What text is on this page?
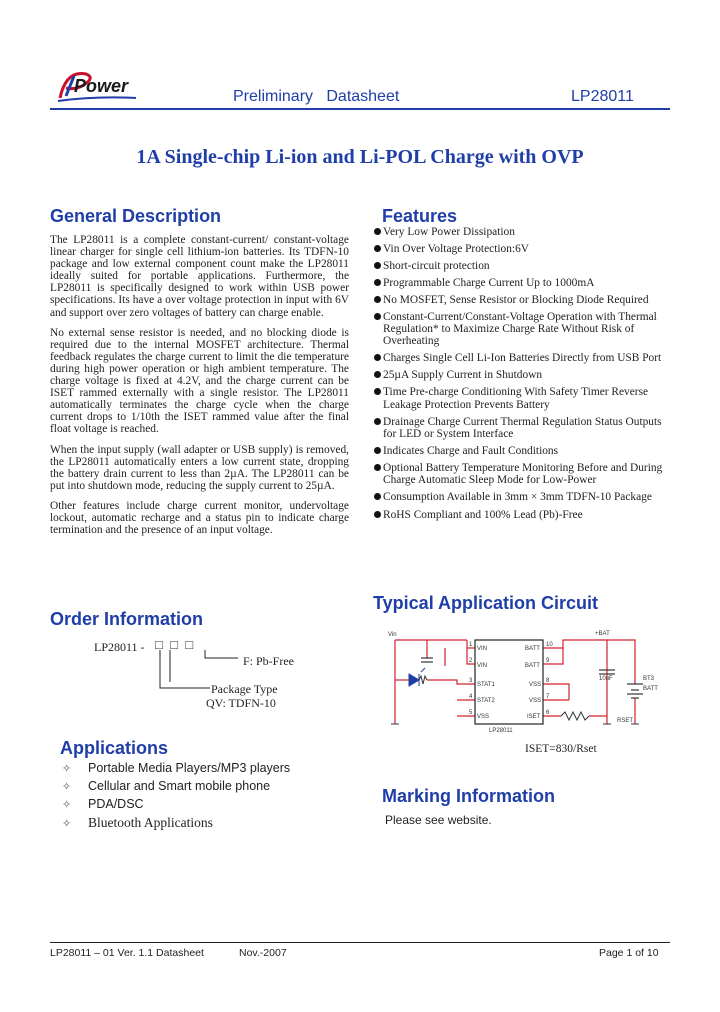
Power
Preliminary Datasheet	LP28011
1A Single-chip Li-ion and Li-POL Charge with OVP
General Description

The LP28011 is a complete constant-current/ constant-voltage linear charger for single cell lithium-ion batteries. Its TDFN-10 package and low external component count make the LP28011 ideally suited for portable applications. Furthermore, the LP28011 is specifically designed to work within USB power specifications. Its have a over voltage protection in input with 6V and support over zero voltages of battery can charge enable.

No external sense resistor is needed, and no blocking diode is required due to the internal MOSFET architecture. Thermal feedback regulates the charge current to limit the die temperature during high power operation or high ambient temperature. The charge voltage is fixed at 4.2V, and the charge current can be ISET rammed externally with a single resistor. The LP28011 automatically terminates the charge cycle when the charge current drops to 1/10th the ISET rammed value after the final float voltage is reached.

When the input supply (wall adapter or USB supply) is removed, the LP28011 automatically enters a low current state, dropping the battery drain current to less than 2µA. The LP28011 can be put into shutdown mode, reducing the supply current to 25µA.

Other features include charge current monitor, undervoltage lockout, automatic recharge and a status pin to indicate charge termination and the presence of an input voltage.

Features
Very Low Power Dissipation
Vin Over Voltage Protection:6V
Short-circuit protection
Programmable Charge Current Up to 1000mA
No MOSFET, Sense Resistor or Blocking Diode Required
Constant-Current/Constant-Voltage Operation with Thermal Regulation* to Maximize Charge Rate Without Risk of Overheating
Charges Single Cell Li-Ion Batteries Directly from USB Port
25µA Supply Current in Shutdown
Time Pre-charge Conditioning With Safety Timer Reverse Leakage Protection Prevents Battery
Drainage Charge Current Thermal Regulation Status Outputs for LED or System Interface
Indicates Charge and Fault Conditions
Optional Battery Temperature Monitoring Before and During Charge Automatic Sleep Mode for Low-Power
Consumption Available in 3mm × 3mm TDFN-10 Package
RoHS Compliant and 100% Lead (Pb)-Free
Order Information
LP28011 - □ □ □
F: Pb-Free
Package Type
QV: TDFN-10
Applications
✧ Portable Media Players/MP3 players
✧ Cellular and Smart mobile phone
✧ PDA/DSC
✧ Bluetooth Applications
Typical Application Circuit
Vin	+BAT
LP28011
VIN
VIN
STAT1
STAT2
VSS
BATT
BATT
VSS
VSS
ISET
1
2
3
4
5
10
9
8
7
6
10uF	BT3
BATT
RSET
ISET=830/Rset
Marking Information
Please see website.
LP28011 – 01 Ver. 1.1 Datasheet	Nov.-2007	Page 1 of 10
